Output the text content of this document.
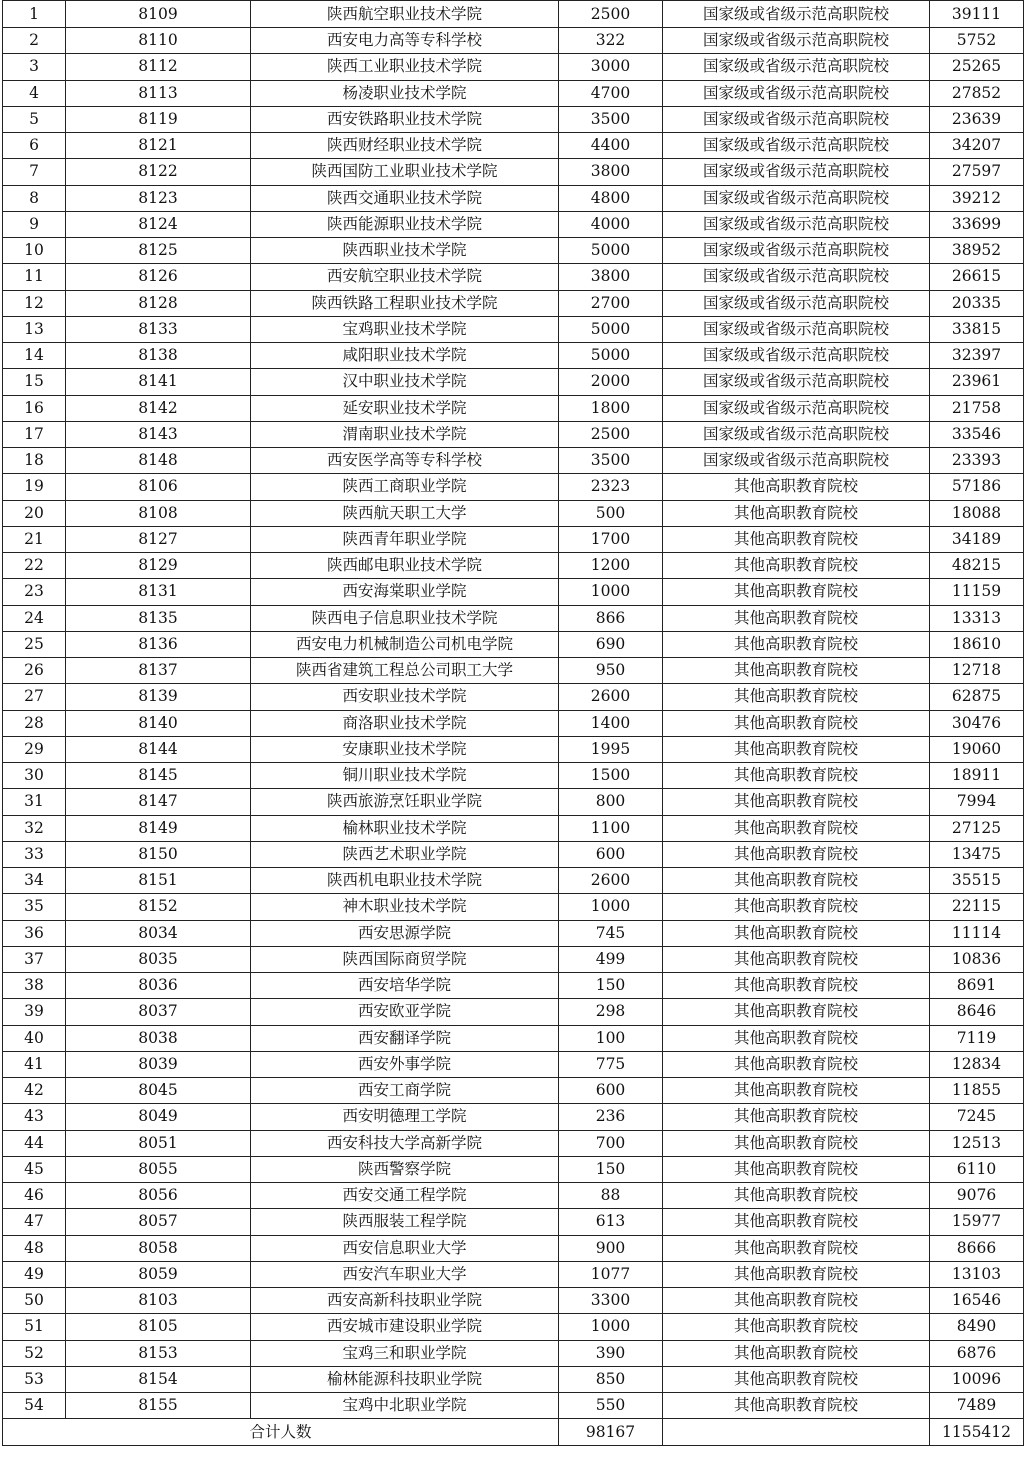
1	8109	陕西航空职业技术学院	2500	国家级或省级示范高职院校	39111
2	8110	西安电力高等专科学校	322	国家级或省级示范高职院校	5752
3	8112	陕西工业职业技术学院	3000	国家级或省级示范高职院校	25265
4	8113	杨凌职业技术学院	4700	国家级或省级示范高职院校	27852
5	8119	西安铁路职业技术学院	3500	国家级或省级示范高职院校	23639
6	8121	陕西财经职业技术学院	4400	国家级或省级示范高职院校	34207
7	8122	陕西国防工业职业技术学院	3800	国家级或省级示范高职院校	27597
8	8123	陕西交通职业技术学院	4800	国家级或省级示范高职院校	39212
9	8124	陕西能源职业技术学院	4000	国家级或省级示范高职院校	33699
10	8125	陕西职业技术学院	5000	国家级或省级示范高职院校	38952
11	8126	西安航空职业技术学院	3800	国家级或省级示范高职院校	26615
12	8128	陕西铁路工程职业技术学院	2700	国家级或省级示范高职院校	20335
13	8133	宝鸡职业技术学院	5000	国家级或省级示范高职院校	33815
14	8138	咸阳职业技术学院	5000	国家级或省级示范高职院校	32397
15	8141	汉中职业技术学院	2000	国家级或省级示范高职院校	23961
16	8142	延安职业技术学院	1800	国家级或省级示范高职院校	21758
17	8143	渭南职业技术学院	2500	国家级或省级示范高职院校	33546
18	8148	西安医学高等专科学校	3500	国家级或省级示范高职院校	23393
19	8106	陕西工商职业学院	2323	其他高职教育院校	57186
20	8108	陕西航天职工大学	500	其他高职教育院校	18088
21	8127	陕西青年职业学院	1700	其他高职教育院校	34189
22	8129	陕西邮电职业技术学院	1200	其他高职教育院校	48215
23	8131	西安海棠职业学院	1000	其他高职教育院校	11159
24	8135	陕西电子信息职业技术学院	866	其他高职教育院校	13313
25	8136	西安电力机械制造公司机电学院	690	其他高职教育院校	18610
26	8137	陕西省建筑工程总公司职工大学	950	其他高职教育院校	12718
27	8139	西安职业技术学院	2600	其他高职教育院校	62875
28	8140	商洛职业技术学院	1400	其他高职教育院校	30476
29	8144	安康职业技术学院	1995	其他高职教育院校	19060
30	8145	铜川职业技术学院	1500	其他高职教育院校	18911
31	8147	陕西旅游烹饪职业学院	800	其他高职教育院校	7994
32	8149	榆林职业技术学院	1100	其他高职教育院校	27125
33	8150	陕西艺术职业学院	600	其他高职教育院校	13475
34	8151	陕西机电职业技术学院	2600	其他高职教育院校	35515
35	8152	神木职业技术学院	1000	其他高职教育院校	22115
36	8034	西安思源学院	745	其他高职教育院校	11114
37	8035	陕西国际商贸学院	499	其他高职教育院校	10836
38	8036	西安培华学院	150	其他高职教育院校	8691
39	8037	西安欧亚学院	298	其他高职教育院校	8646
40	8038	西安翻译学院	100	其他高职教育院校	7119
41	8039	西安外事学院	775	其他高职教育院校	12834
42	8045	西安工商学院	600	其他高职教育院校	11855
43	8049	西安明德理工学院	236	其他高职教育院校	7245
44	8051	西安科技大学高新学院	700	其他高职教育院校	12513
45	8055	陕西警察学院	150	其他高职教育院校	6110
46	8056	西安交通工程学院	88	其他高职教育院校	9076
47	8057	陕西服装工程学院	613	其他高职教育院校	15977
48	8058	西安信息职业大学	900	其他高职教育院校	8666
49	8059	西安汽车职业大学	1077	其他高职教育院校	13103
50	8103	西安高新科技职业学院	3300	其他高职教育院校	16546
51	8105	西安城市建设职业学院	1000	其他高职教育院校	8490
52	8153	宝鸡三和职业学院	390	其他高职教育院校	6876
53	8154	榆林能源科技职业学院	850	其他高职教育院校	10096
54	8155	宝鸡中北职业学院	550	其他高职教育院校	7489
合计人数			98167		1155412
